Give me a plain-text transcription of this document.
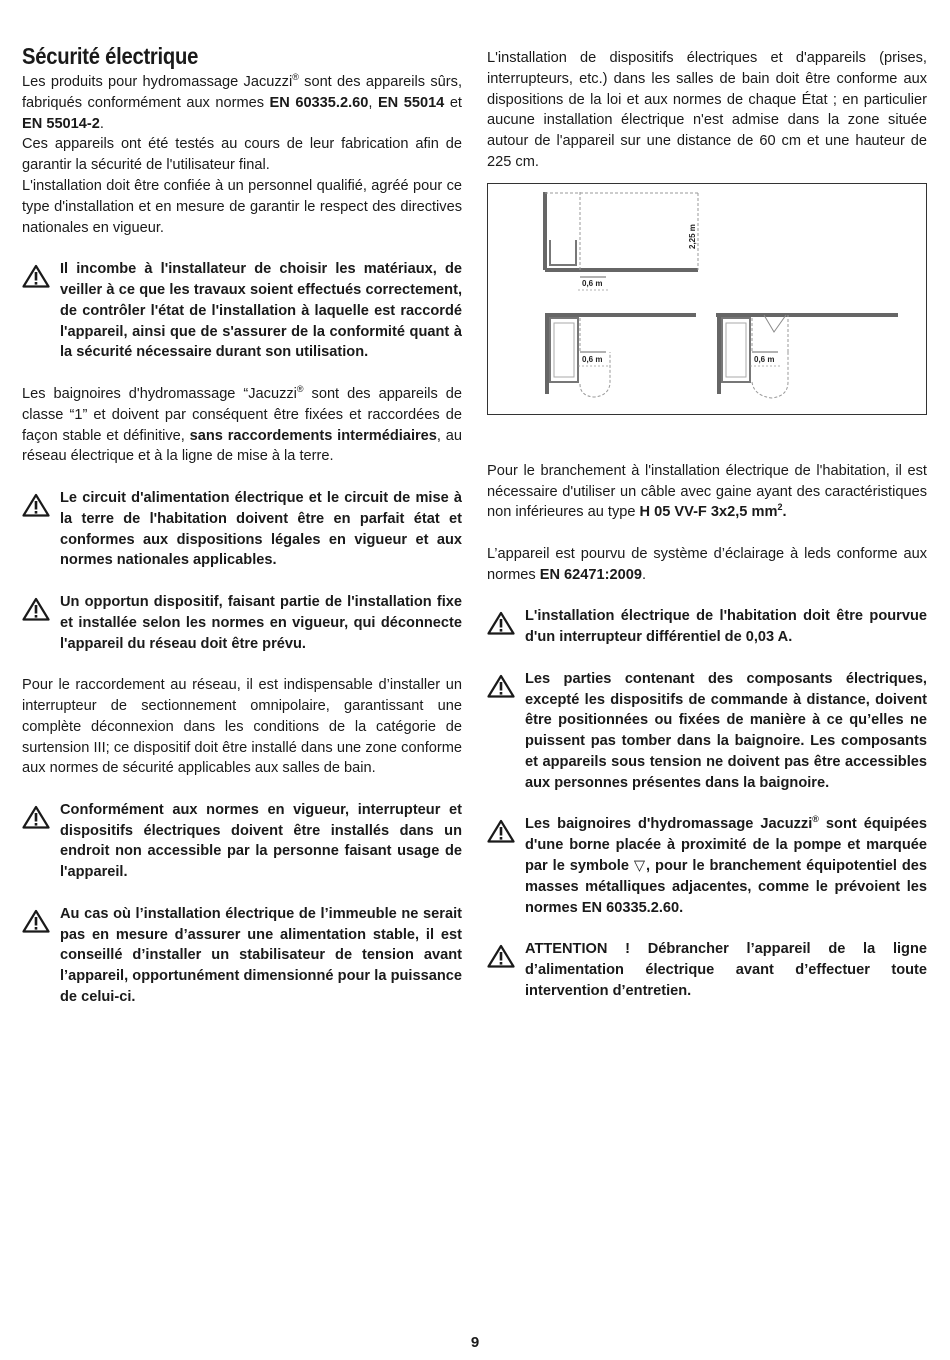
Sécurité électrique

Les produits pour hydromassage Jacuzzi® sont des appareils sûrs, fabriqués conformément aux normes EN 60335.2.60, EN 55014 et EN 55014-2.

Ces appareils ont été testés au cours de leur fabrication afin de garantir la sécurité de l'utilisateur final.

L'installation doit être confiée à un personnel qualifié, agréé pour ce type d'installation et en mesure de garantir le respect des directives nationales en vigueur.

Il incombe à l'installateur de choisir les matériaux, de veiller à ce que les travaux soient effectués correctement, de contrôler l'état de l'installation à laquelle est raccordé l'appareil, ainsi que de s'assurer de la conformité quant à la sécurité nécessaire durant son utilisation.

Les baignoires d'hydromassage “Jacuzzi® sont des appareils de classe “1” et doivent par conséquent être fixées et raccordées de façon stable et définitive, sans raccordements intermédiaires, au réseau électrique et à la ligne de mise à la terre.

Le circuit d'alimentation électrique et le circuit de mise à la terre de l'habitation doivent être en parfait état et conformes aux dispositions légales en vigueur et aux normes nationales applicables.

Un opportun dispositif, faisant partie de l'installation fixe et installée selon les normes en vigueur, qui déconnecte l'appareil du réseau doit être prévu.

Pour le raccordement au réseau, il est indispensable d’installer un interrupteur de sectionnement omnipolaire, garantissant une complète déconnexion dans les conditions de la catégorie de surtension III; ce dispositif doit être installé dans une zone conforme aux normes de sécurité applicables aux salles de bain.

Conformément aux normes en vigueur, interrupteur et dispositifs électriques doivent être installés dans un endroit non accessible par la personne faisant usage de l'appareil.

Au cas où l’installation électrique de l’immeuble ne serait pas en mesure d’assurer une alimentation stable, il est conseillé d’installer un stabilisateur de tension avant l’appareil, opportunément dimensionné pour la puissance de celui-ci.

L'installation de dispositifs électriques et d'appareils (prises, interrupteurs, etc.) dans les salles de bain doit être conforme aux dispositions de la loi et aux normes de chaque État ; en particulier aucune installation électrique n'est admise dans la zone située autour de l'appareil sur une distance de 60 cm et une hauteur de 225 cm.

2,25 m
0,6 m
0,6 m	0,6 m

Pour le branchement à l'installation électrique de l'habitation, il est nécessaire d'utiliser un câble avec gaine ayant des caractéristiques non inférieures au type H 05 VV-F 3x2,5 $mm^2$.

L’appareil est pourvu de système d’éclairage à leds conforme aux normes EN 62471:2009.

L'installation électrique de l'habitation doit être pourvue d'un interrupteur différentiel de 0,03 A.

Les parties contenant des composants électriques, excepté les dispositifs de commande à distance, doivent être positionnées ou fixées de manière à ce qu’elles ne puissent pas tomber dans la baignoire. Les composants et appareils sous tension ne doivent pas être accessibles aux personnes présentes dans la baignoire.

Les baignoires d'hydromassage Jacuzzi® sont équipées d'une borne placée à proximité de la pompe et marquée par le symbole ▽, pour le branchement équipotentiel des masses métalliques adjacentes, comme le prévoient les normes EN 60335.2.60.

ATTENTION ! Débrancher l’appareil de la ligne d’alimentation électrique avant d’effectuer toute intervention d’entretien.

9
